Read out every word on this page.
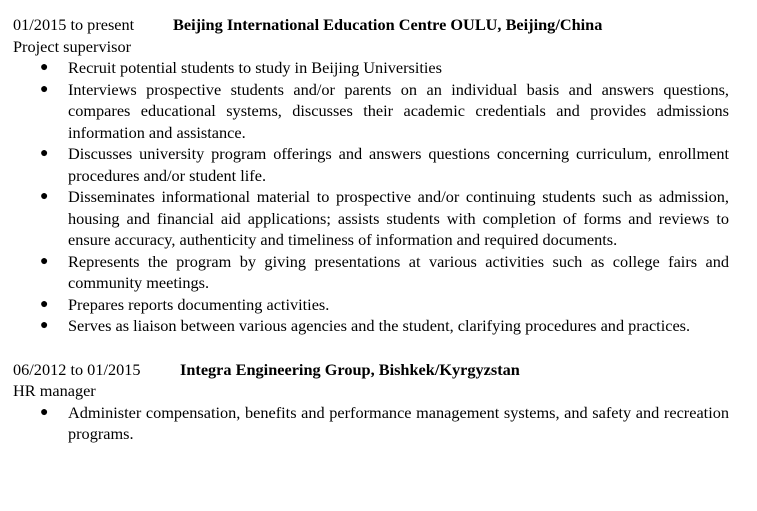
01/2015 to present Beijing International Education Centre OULU, Beijing/China
Project supervisor
● Recruit potential students to study in Beijing Universities
● Interviews prospective students and/or parents on an individual basis and answers questions, compares educational systems, discusses their academic credentials and provides admissions information and assistance.
● Discusses university program offerings and answers questions concerning curriculum, enrollment procedures and/or student life.
● Disseminates informational material to prospective and/or continuing students such as admission, housing and financial aid applications; assists students with completion of forms and reviews to ensure accuracy, authenticity and timeliness of information and required documents.
● Represents the program by giving presentations at various activities such as college fairs and community meetings.
● Prepares reports documenting activities.
● Serves as liaison between various agencies and the student, clarifying procedures and practices.
06/2012 to 01/2015 Integra Engineering Group, Bishkek/Kyrgyzstan
HR manager
● Administer compensation, benefits and performance management systems, and safety and recreation programs.
